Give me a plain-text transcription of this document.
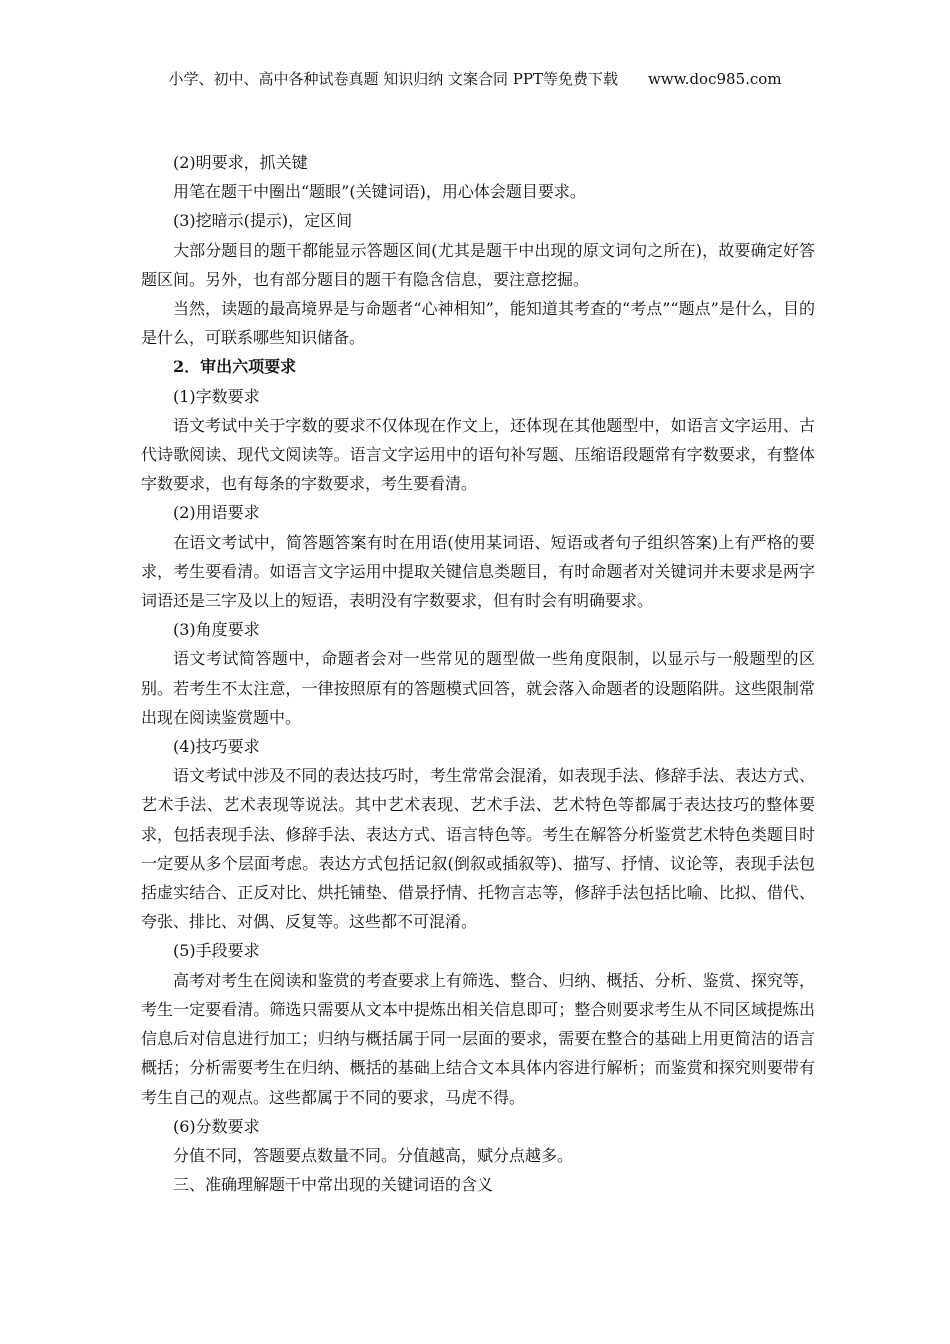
小学、初中、高中各种试卷真题 知识归纳 文案合同 PPT等免费下载 www.doc985.com

(2)明要求，抓关键

用笔在题干中圈出“题眼”(关键词语)，用心体会题目要求。

(3)挖暗示(提示)，定区间

大部分题目的题干都能显示答题区间(尤其是题干中出现的原文词句之所在)，故要确定好答题区间。另外，也有部分题目的题干有隐含信息，要注意挖掘。

当然，读题的最高境界是与命题者“心神相知”，能知道其考查的“考点”“题点”是什么，目的是什么，可联系哪些知识储备。

2．审出六项要求

(1)字数要求

语文考试中关于字数的要求不仅体现在作文上，还体现在其他题型中，如语言文字运用、古代诗歌阅读、现代文阅读等。语言文字运用中的语句补写题、压缩语段题常有字数要求，有整体字数要求，也有每条的字数要求，考生要看清。

(2)用语要求

在语文考试中，简答题答案有时在用语(使用某词语、短语或者句子组织答案)上有严格的要求，考生要看清。如语言文字运用中提取关键信息类题目，有时命题者对关键词并未要求是两字词语还是三字及以上的短语，表明没有字数要求，但有时会有明确要求。

(3)角度要求

语文考试简答题中，命题者会对一些常见的题型做一些角度限制，以显示与一般题型的区别。若考生不太注意，一律按照原有的答题模式回答，就会落入命题者的设题陷阱。这些限制常出现在阅读鉴赏题中。

(4)技巧要求

语文考试中涉及不同的表达技巧时，考生常常会混淆，如表现手法、修辞手法、表达方式、艺术手法、艺术表现等说法。其中艺术表现、艺术手法、艺术特色等都属于表达技巧的整体要求，包括表现手法、修辞手法、表达方式、语言特色等。考生在解答分析鉴赏艺术特色类题目时一定要从多个层面考虑。表达方式包括记叙(倒叙或插叙等)、描写、抒情、议论等，表现手法包括虚实结合、正反对比、烘托铺垫、借景抒情、托物言志等，修辞手法包括比喻、比拟、借代、夸张、排比、对偶、反复等。这些都不可混淆。

(5)手段要求

高考对考生在阅读和鉴赏的考查要求上有筛选、整合、归纳、概括、分析、鉴赏、探究等，考生一定要看清。筛选只需要从文本中提炼出相关信息即可；整合则要求考生从不同区域提炼出信息后对信息进行加工；归纳与概括属于同一层面的要求，需要在整合的基础上用更简洁的语言概括；分析需要考生在归纳、概括的基础上结合文本具体内容进行解析；而鉴赏和探究则要带有考生自己的观点。这些都属于不同的要求，马虎不得。

(6)分数要求

分值不同，答题要点数量不同。分值越高，赋分点越多。

三、准确理解题干中常出现的关键词语的含义
